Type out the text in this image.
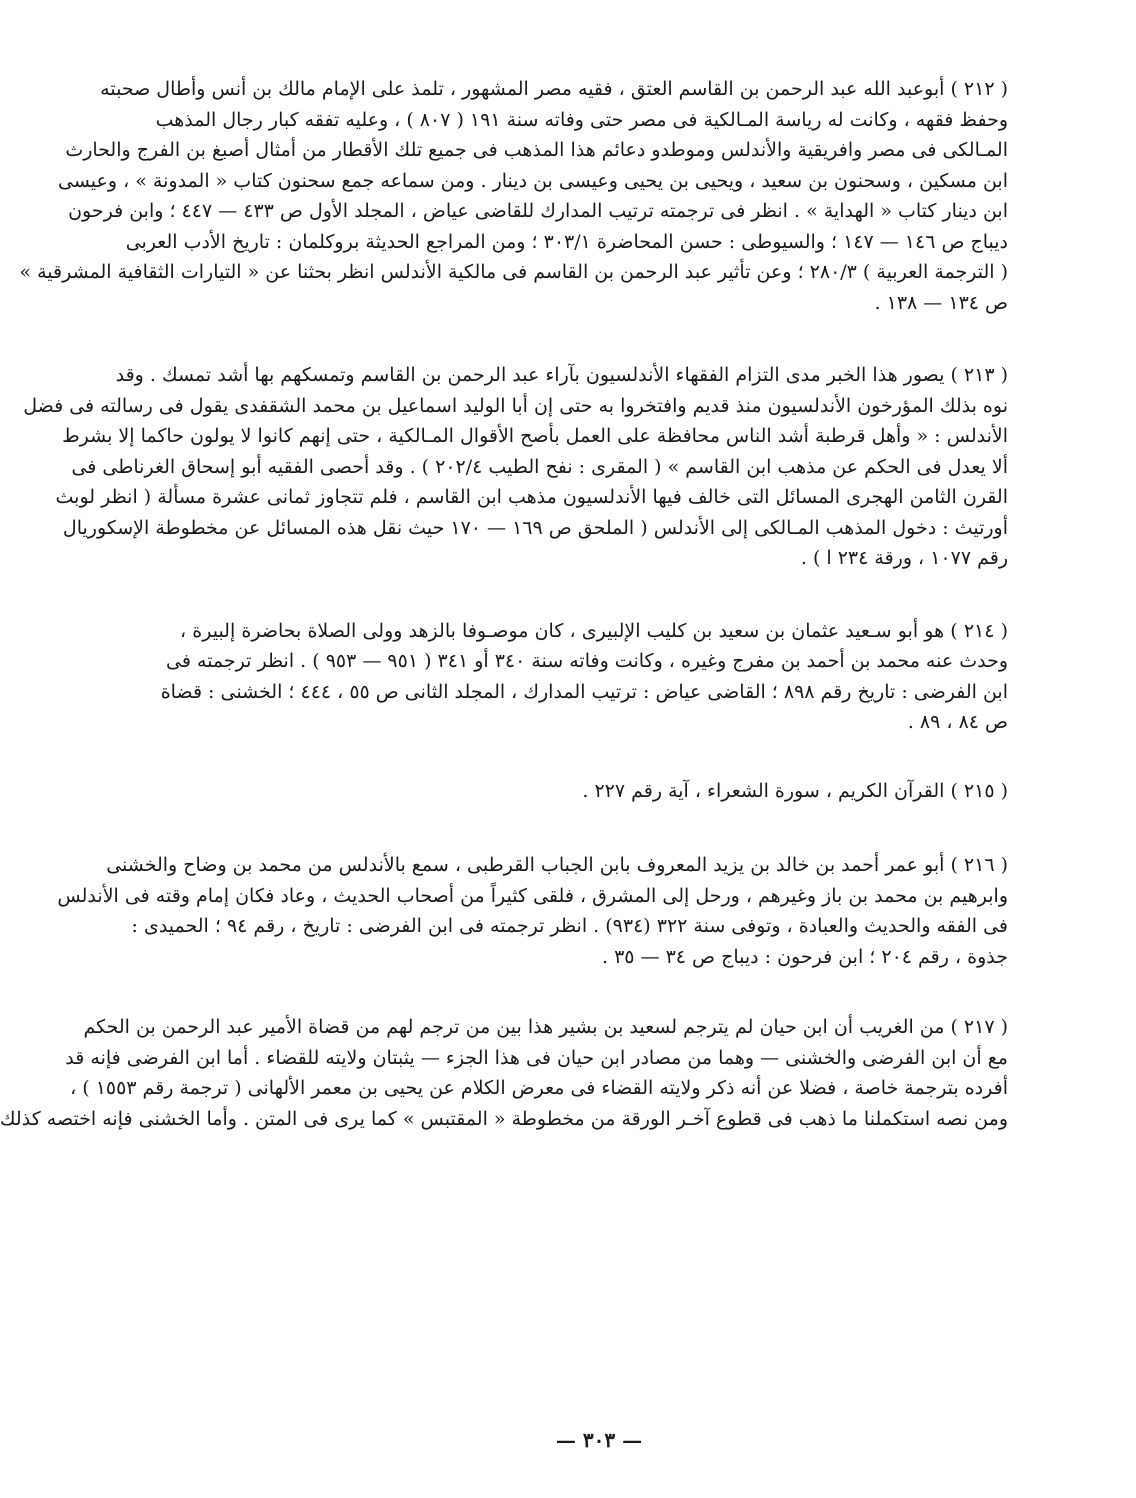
( ٢١٢ ) أبوعبد الله عبد الرحمن بن القاسم العتق ، فقيه مصر المشهور ، تلمذ على الإمام مالك بن أنس وأطال صحبته
وحفظ فقهه ، وكانت له رياسة المـالكية فى مصر حتى وفاته سنة ١٩١ ( ٨٠٧ ) ، وعليه تفقه كبار رجال المذهب
المـالكى فى مصر وافريقية والأندلس وموطدو دعائم هذا المذهب فى جميع تلك الأقطار من أمثال أصبغ بن الفرج والحارث
ابن مسكين ، وسحنون بن سعيد ، ويحيى بن يحيى وعيسى بن دينار . ومن سماعه جمع سحنون كتاب « المدونة » ، وعيسى
ابن دينار كتاب « الهداية » . انظر فى ترجمته ترتيب المدارك للقاضى عياض ، المجلد الأول ص ٤٣٣ — ٤٤٧ ؛ وابن فرحون
ديباج ص ١٤٦ — ١٤٧ ؛ والسيوطى : حسن المحاضرة ٣٠٣/١ ؛ ومن المراجع الحديثة بروكلمان : تاريخ الأدب العربى
( الترجمة العربية ) ٢٨٠/٣ ؛ وعن تأثير عبد الرحمن بن القاسم فى مالكية الأندلس انظر بحثنا عن « التيارات الثقافية المشرقية »
ص ١٣٤ — ١٣٨ .
( ٢١٣ ) يصور هذا الخبر مدى التزام الفقهاء الأندلسيون بآراء عبد الرحمن بن القاسم وتمسكهم بها أشد تمسك . وقد
نوه بذلك المؤرخون الأندلسيون منذ قديم وافتخروا به حتى إن أبا الوليد اسماعيل بن محمد الشقفدى يقول فى رسالته فى فضل
الأندلس : « وأهل قرطبة أشد الناس محافظة على العمل بأصح الأقوال المـالكية ، حتى إنهم كانوا لا يولون حاكما إلا بشرط
ألا يعدل فى الحكم عن مذهب ابن القاسم » ( المقرى : نفح الطيب ٢٠٢/٤ ) . وقد أحصى الفقيه أبو إسحاق الغرناطى فى
القرن الثامن الهجرى المسائل التى خالف فيها الأندلسيون مذهب ابن القاسم ، فلم تتجاوز ثمانى عشرة مسألة ( انظر لوبث
أورتيث : دخول المذهب المـالكى إلى الأندلس ( الملحق ص ١٦٩ — ١٧٠ حيث نقل هذه المسائل عن مخطوطة الإسكوريال
رقم ١٠٧٧ ، ورقة ٢٣٤ ا ) .
( ٢١٤ ) هو أبو سـعيد عثمان بن سعيد بن كليب الإلبيرى ، كان موصـوفا بالزهد وولى الصلاة بحاضرة إلبيرة ،
وحدث عنه محمد بن أحمد بن مفرج وغيره ، وكانت وفاته سنة ٣٤٠ أو ٣٤١ ( ٩٥١ — ٩٥٣ ) . انظر ترجمته فى
ابن الفرضى : تاريخ رقم ٨٩٨ ؛ القاضى عياض : ترتيب المدارك ، المجلد الثانى ص ٥٥ ، ٤٤٤ ؛ الخشنى : قضاة
ص ٨٤ ، ٨٩ .
( ٢١٥ ) القرآن الكريم ، سورة الشعراء ، آية رقم ٢٢٧ .
( ٢١٦ ) أبو عمر أحمد بن خالد بن يزيد المعروف بابن الجباب القرطبى ، سمع بالأندلس من محمد بن وضاح والخشنى
وابرهيم بن محمد بن باز وغيرهم ، ورحل إلى المشرق ، فلقى كثيراً من أصحاب الحديث ، وعاد فكان إمام وقته فى الأندلس
فى الفقه والحديث والعبادة ، وتوفى سنة ٣٢٢ (٩٣٤) . انظر ترجمته فى ابن الفرضى : تاريخ ، رقم ٩٤ ؛ الحميدى :
جذوة ، رقم ٢٠٤ ؛ ابن فرحون : ديباج ص ٣٤ — ٣٥ .
( ٢١٧ ) من الغريب أن ابن حيان لم يترجم لسعيد بن بشير هذا بين من ترجم لهم من قضاة الأمير عبد الرحمن بن الحكم
مع أن ابن الفرضى والخشنى — وهما من مصادر ابن حيان فى هذا الجزء — يثبتان ولايته للقضاء . أما ابن الفرضى فإنه قد
أفرده بترجمة خاصة ، فضلا عن أنه ذكر ولايته القضاء فى معرض الكلام عن يحيى بن معمر الألهانى ( ترجمة رقم ١٥٥٣ ) ،
ومن نصه استكملنا ما ذهب فى قطوع آخـر الورقة من مخطوطة « المقتبس » كما يرى فى المتن . وأما الخشنى فإنه اختصه كذلك
— ٣٠٣ —
